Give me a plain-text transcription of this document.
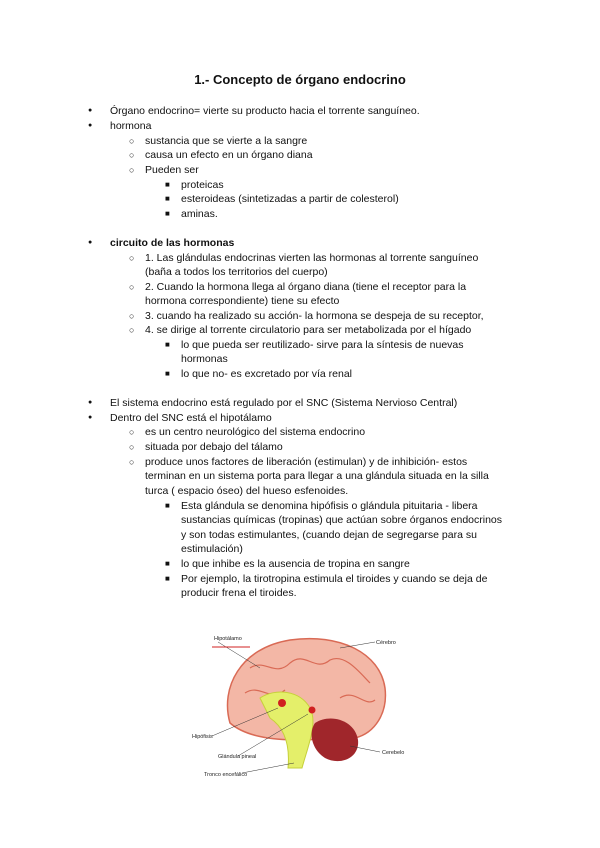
1.- Concepto de órgano endocrino
● Órgano endocrino= vierte su producto hacia el torrente sanguíneo.
● hormona
○ sustancia que se vierte a la sangre
○ causa un efecto en un órgano diana
○ Pueden ser
■ proteicas
■ esteroideas (sintetizadas a partir de colesterol)
■ aminas.
● circuito de las hormonas
○ 1. Las glándulas endocrinas vierten las hormonas al torrente sanguíneo
(baña a todos los territorios del cuerpo)
○ 2. Cuando la hormona llega al órgano diana (tiene el receptor para la
hormona correspondiente) tiene su efecto
○ 3. cuando ha realizado su acción- la hormona se despeja de su receptor,
○ 4. se dirige al torrente circulatorio para ser metabolizada por el hígado
■ lo que pueda ser reutilizado- sirve para la síntesis de nuevas
hormonas
■ lo que no- es excretado por vía renal
● El sistema endocrino está regulado por el SNC (Sistema Nervioso Central)
● Dentro del SNC está el hipotálamo
○ es un centro neurológico del sistema endocrino
○ situada por debajo del tálamo
○ produce unos factores de liberación (estimulan) y de inhibición- estos
terminan en un sistema porta para llegar a una glándula situada en la silla
turca ( espacio óseo) del hueso esfenoides.
■ Esta glándula se denomina hipófisis o glándula pituitaria - libera
sustancias químicas (tropinas) que actúan sobre órganos endocrinos
y son todas estimulantes, (cuando dejan de segregarse para su
estimulación)
■ lo que inhibe es la ausencia de tropina en sangre
■ Por ejemplo, la tirotropina estimula el tiroides y cuando se deja de
producir frena el tiroides.
Hipotálamo
Cérebro
Hipófisis
Glándula pineal
Cerebelo
Tronco encefálico
